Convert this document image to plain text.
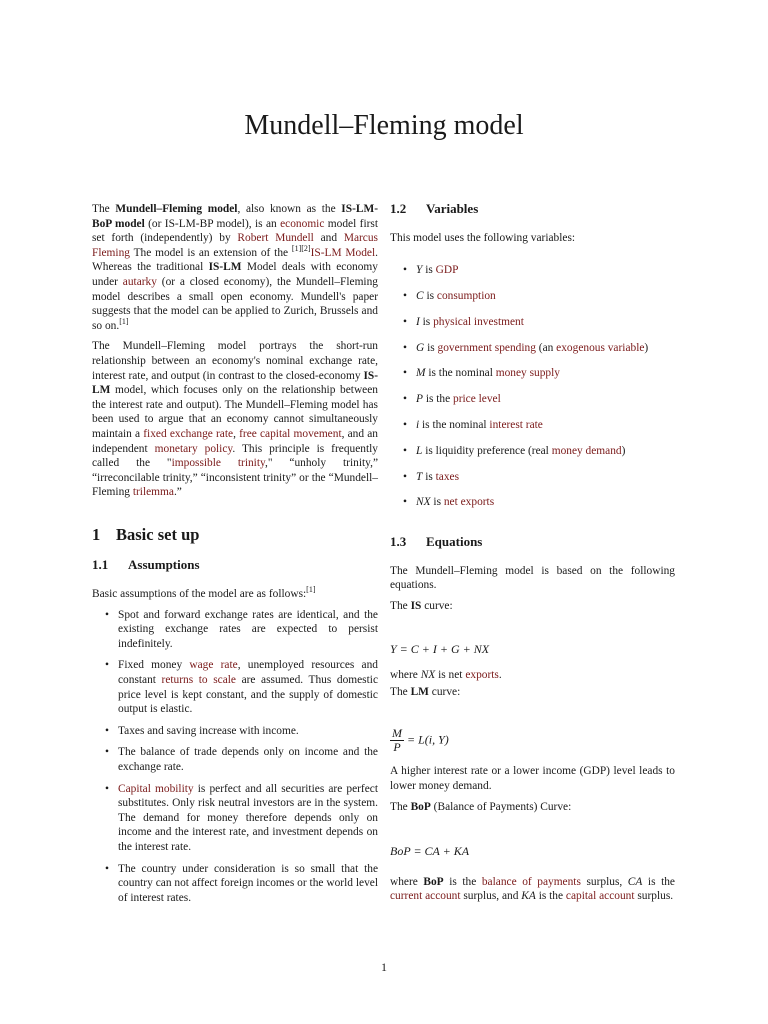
Mundell–Fleming model

The Mundell–Fleming model, also known as the IS-LM-BoP model (or IS-LM-BP model), is an economic model first set forth (independently) by Robert Mundell and Marcus Fleming The model is an extension of the [1][2]IS-LM Model. Whereas the traditional IS-LM Model deals with economy under autarky (or a closed economy), the Mundell–Fleming model describes a small open economy. Mundell's paper suggests that the model can be applied to Zurich, Brussels and so on.[1]

The Mundell–Fleming model portrays the short-run relationship between an economy's nominal exchange rate, interest rate, and output (in contrast to the closed-economy IS-LM model, which focuses only on the relationship between the interest rate and output). The Mundell–Fleming model has been used to argue that an economy cannot simultaneously maintain a fixed exchange rate, free capital movement, and an independent monetary policy. This principle is frequently called the "impossible trinity," “unholy trinity,” “irreconcilable trinity,” “inconsistent trinity” or the “Mundell–Fleming trilemma.”

1 Basic set up
1.1 Assumptions

Basic assumptions of the model are as follows:[1]

• Spot and forward exchange rates are identical, and the existing exchange rates are expected to persist indefinitely.
• Fixed money wage rate, unemployed resources and constant returns to scale are assumed. Thus domestic price level is kept constant, and the supply of domestic output is elastic.
• Taxes and saving increase with income.
• The balance of trade depends only on income and the exchange rate.
• Capital mobility is perfect and all securities are perfect substitutes. Only risk neutral investors are in the system. The demand for money therefore depends only on income and the interest rate, and investment depends on the interest rate.
• The country under consideration is so small that the country can not affect foreign incomes or the world level of interest rates.
1.2 Variables

This model uses the following variables:

• Y is GDP
• C is consumption
• I is physical investment
• G is government spending (an exogenous variable)
• M is the nominal money supply
• P is the price level
• i is the nominal interest rate
• L is liquidity preference (real money demand)
• T is taxes
• NX is net exports
1.3 Equations

The Mundell–Fleming model is based on the following equations.

The IS curve:

Y = C + I + G + NX

where NX is net exports.

The LM curve:

$\frac{M}{P} = L(i$, Y)

A higher interest rate or a lower income (GDP) level leads to lower money demand.

The BoP (Balance of Payments) Curve:

BoP = CA + KA

where BoP is the balance of payments surplus, CA is the current account surplus, and KA is the capital account surplus.

1
